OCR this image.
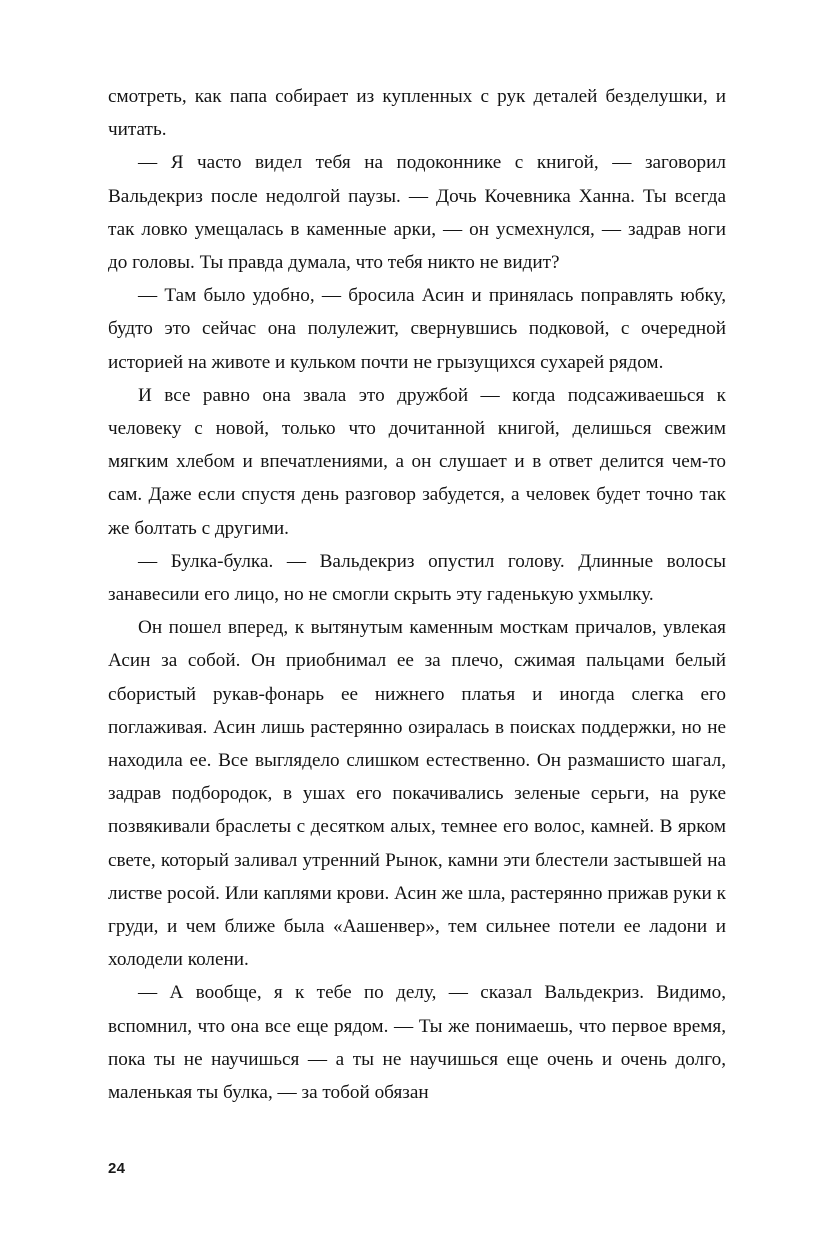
смотреть, как папа собирает из купленных с рук деталей безделушки, и читать.

— Я часто видел тебя на подоконнике с книгой, — заговорил Вальдекриз после недолгой паузы. — Дочь Кочевника Ханна. Ты всегда так ловко умещалась в каменные арки, — он усмехнулся, — задрав ноги до головы. Ты правда думала, что тебя никто не видит?

— Там было удобно, — бросила Асин и принялась поправлять юбку, будто это сейчас она полулежит, свернувшись подковой, с очередной историей на животе и кульком почти не грызущихся сухарей рядом.

И все равно она звала это дружбой — когда подсаживаешься к человеку с новой, только что дочитанной книгой, делишься свежим мягким хлебом и впечатлениями, а он слушает и в ответ делится чем-то сам. Даже если спустя день разговор забудется, а человек будет точно так же болтать с другими.

— Булка-булка. — Вальдекриз опустил голову. Длинные волосы занавесили его лицо, но не смогли скрыть эту гаденькую ухмылку.

Он пошел вперед, к вытянутым каменным мосткам причалов, увлекая Асин за собой. Он приобнимал ее за плечо, сжимая пальцами белый сбористый рукав-фонарь ее нижнего платья и иногда слегка его поглаживая. Асин лишь растерянно озиралась в поисках поддержки, но не находила ее. Все выглядело слишком естественно. Он размашисто шагал, задрав подбородок, в ушах его покачивались зеленые серьги, на руке позвякивали браслеты с десятком алых, темнее его волос, камней. В ярком свете, который заливал утренний Рынок, камни эти блестели застывшей на листве росой. Или каплями крови. Асин же шла, растерянно прижав руки к груди, и чем ближе была «Аашенвер», тем сильнее потели ее ладони и холодели колени.

— А вообще, я к тебе по делу, — сказал Вальдекриз. Видимо, вспомнил, что она все еще рядом. — Ты же понимаешь, что первое время, пока ты не научишься — а ты не научишься еще очень и очень долго, маленькая ты булка, — за тобой обязан

24
